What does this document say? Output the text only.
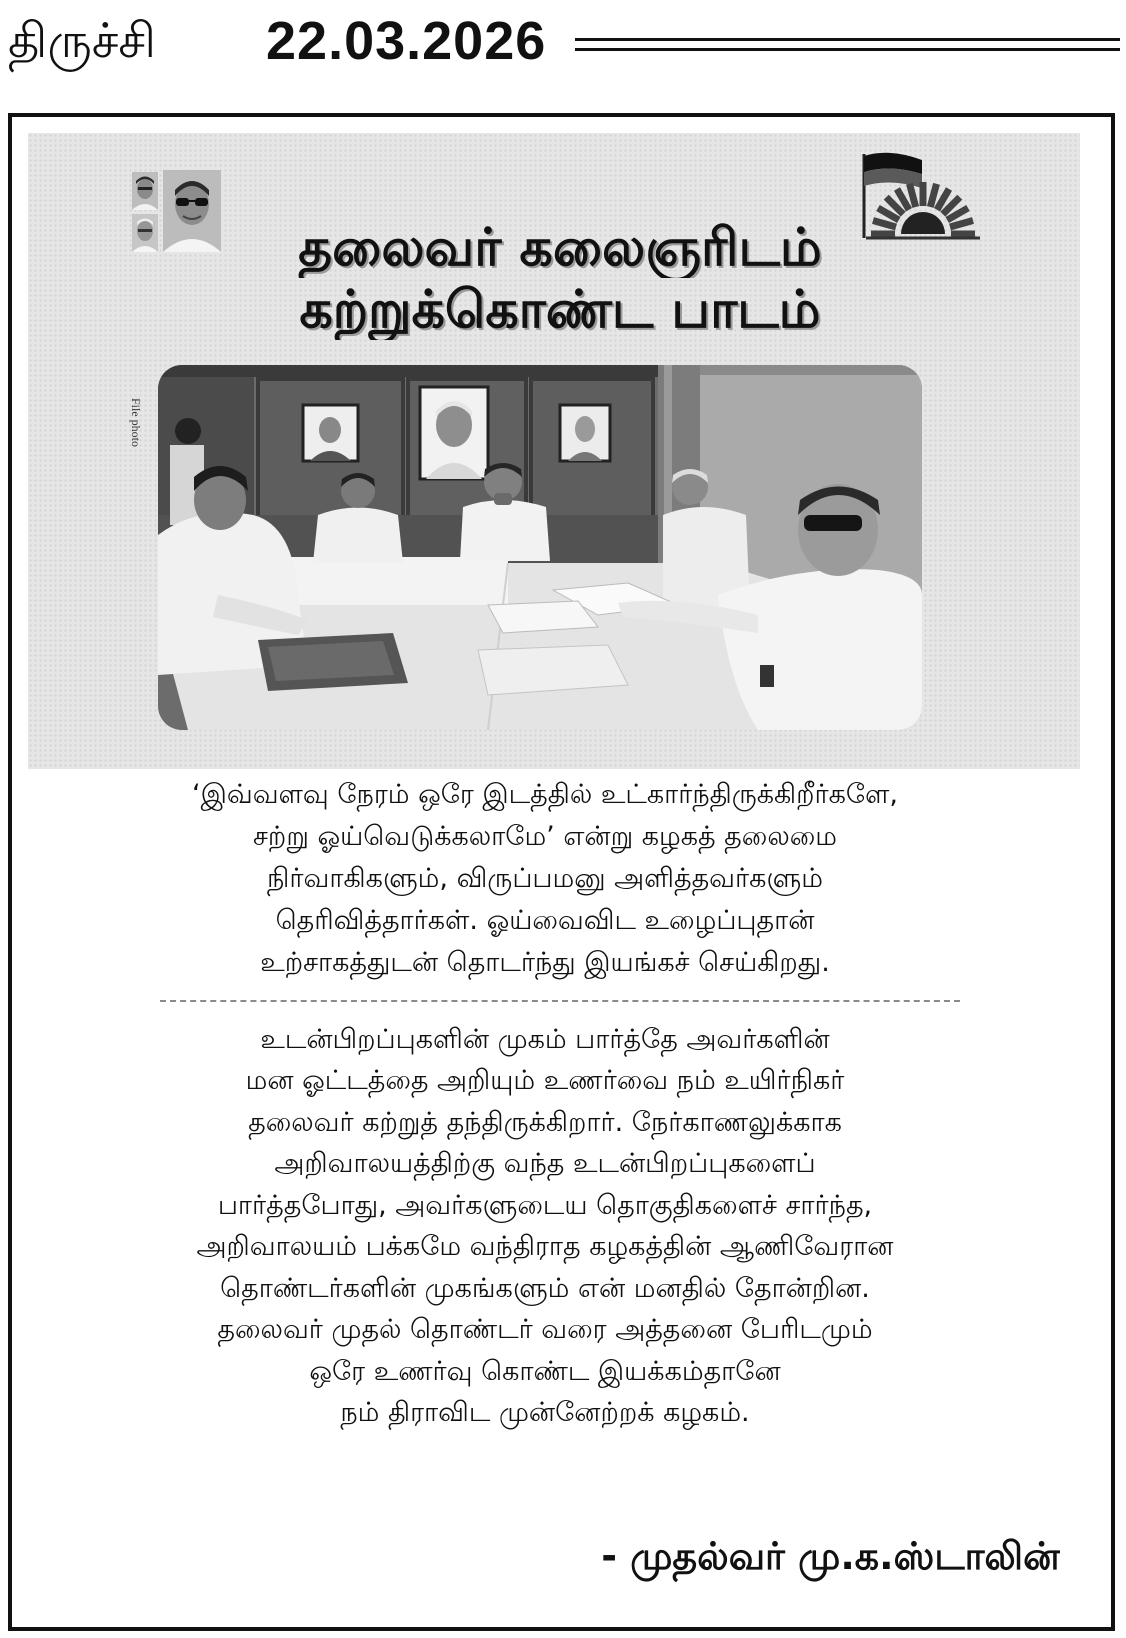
திருச்சி 22.03.2026
தலைவர் கலைஞரிடம்
கற்றுக்கொண்ட பாடம்
File photo
‘இவ்வளவு நேரம் ஒரே இடத்தில் உட்கார்ந்திருக்கிறீர்களே,
சற்று ஓய்வெடுக்கலாமே’ என்று கழகத் தலைமை
நிர்வாகிகளும், விருப்பமனு அளித்தவர்களும்
தெரிவித்தார்கள். ஓய்வைவிட உழைப்புதான்
உற்சாகத்துடன் தொடர்ந்து இயங்கச் செய்கிறது.
உடன்பிறப்புகளின் முகம் பார்த்தே அவர்களின்
மன ஓட்டத்தை அறியும் உணர்வை நம் உயிர்நிகர்
தலைவர் கற்றுத் தந்திருக்கிறார். நேர்காணலுக்காக
அறிவாலயத்திற்கு வந்த உடன்பிறப்புகளைப்
பார்த்தபோது, அவர்களுடைய தொகுதிகளைச் சார்ந்த,
அறிவாலயம் பக்கமே வந்திராத கழகத்தின் ஆணிவேரான
தொண்டர்களின் முகங்களும் என் மனதில் தோன்றின.
தலைவர் முதல் தொண்டர் வரை அத்தனை பேரிடமும்
ஒரே உணர்வு கொண்ட இயக்கம்தானே
நம் திராவிட முன்னேற்றக் கழகம்.
- முதல்வர் மு.க.ஸ்டாலின்
